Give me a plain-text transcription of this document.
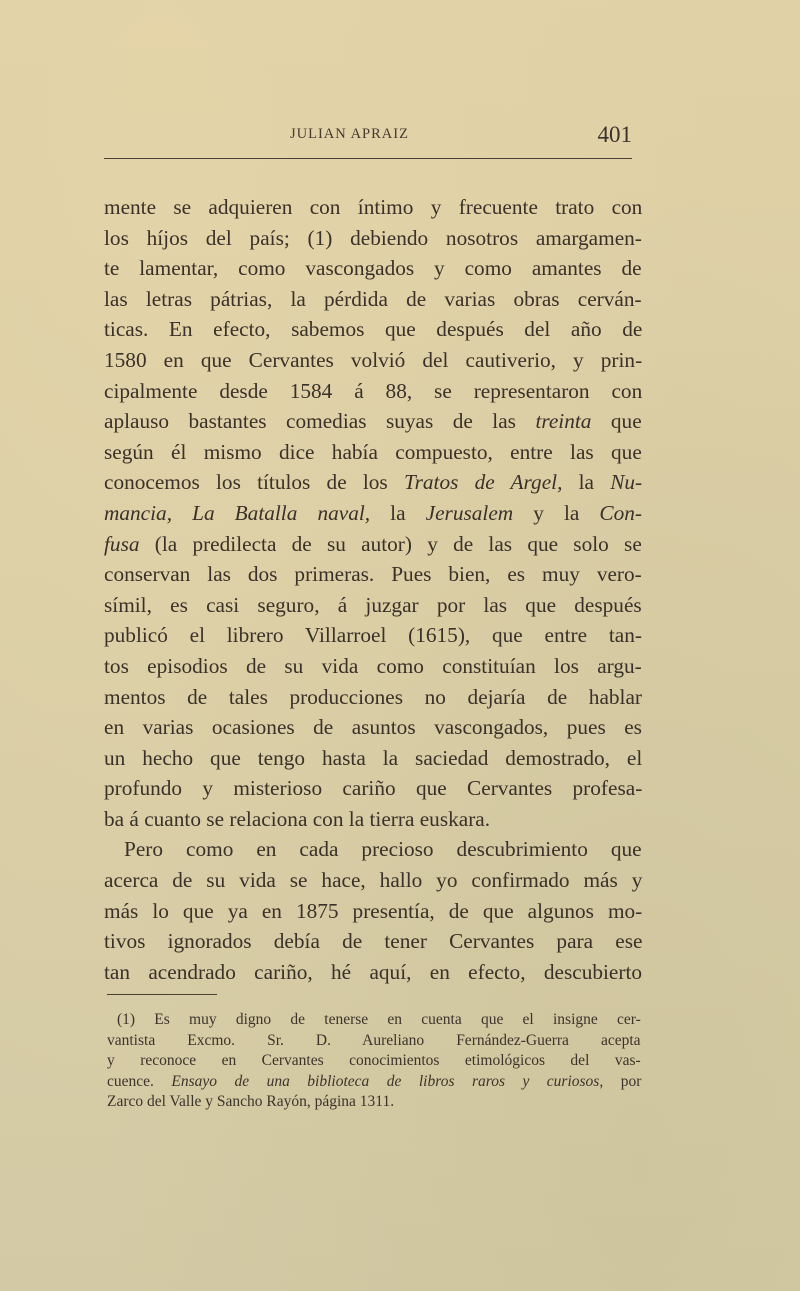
JULIAN APRAIZ	401
mente se adquieren con íntimo y frecuente trato con
los híjos del país; (1) debiendo nosotros amargamen-
te lamentar, como vascongados y como amantes de
las letras pátrias, la pérdida de varias obras cerván-
ticas. En efecto, sabemos que después del año de
1580 en que Cervantes volvió del cautiverio, y prin-
cipalmente desde 1584 á 88, se representaron con
aplauso bastantes comedias suyas de las treinta que
según él mismo dice había compuesto, entre las que
conocemos los títulos de los Tratos de Argel, la Nu-
mancia, La Batalla naval, la Jerusalem y la Con-
fusa (la predilecta de su autor) y de las que solo se
conservan las dos primeras. Pues bien, es muy vero-
símil, es casi seguro, á juzgar por las que después
publicó el librero Villarroel (1615), que entre tan-
tos episodios de su vida como constituían los argu-
mentos de tales producciones no dejaría de hablar
en varias ocasiones de asuntos vascongados, pues es
un hecho que tengo hasta la saciedad demostrado, el
profundo y misterioso cariño que Cervantes profesa-
ba á cuanto se relaciona con la tierra euskara.
Pero como en cada precioso descubrimiento que
acerca de su vida se hace, hallo yo confirmado más y
más lo que ya en 1875 presentía, de que algunos mo-
tivos ignorados debía de tener Cervantes para ese
tan acendrado cariño, hé aquí, en efecto, descubierto
(1) Es muy digno de tenerse en cuenta que el insigne cer-
vantista Excmo. Sr. D. Aureliano Fernández-Guerra acepta
y reconoce en Cervantes conocimientos etimológicos del vas-
cuence. Ensayo de una biblioteca de libros raros y curiosos, por
Zarco del Valle y Sancho Rayón, página 1311.
